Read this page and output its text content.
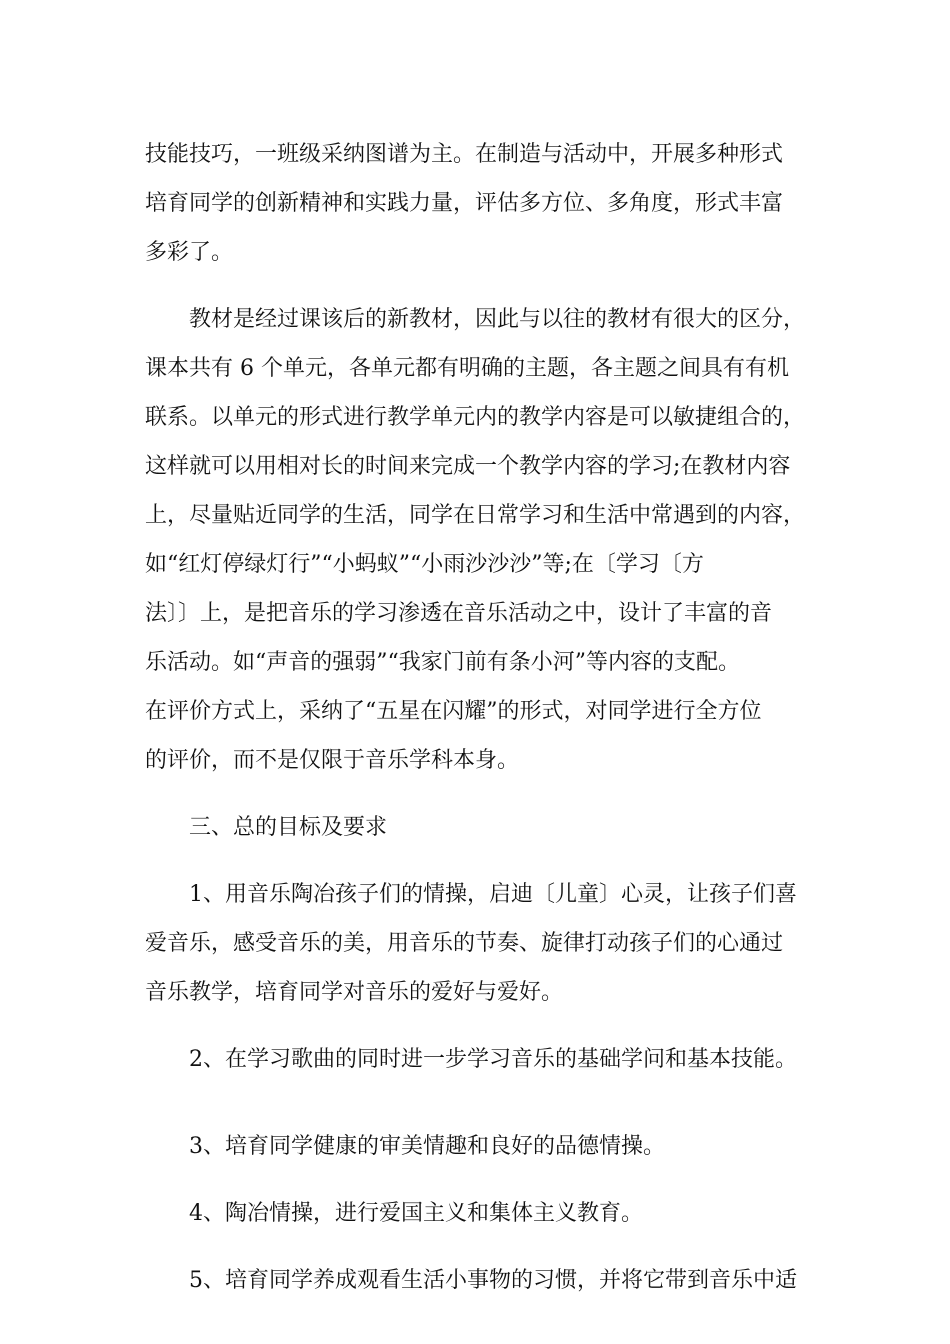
技能技巧，一班级采纳图谱为主。在制造与活动中，开展多种形式
培育同学的创新精神和实践力量，评估多方位、多角度，形式丰富
多彩了。
教材是经过课该后的新教材，因此与以往的教材有很大的区分，
课本共有 6 个单元，各单元都有明确的主题，各主题之间具有有机
联系。以单元的形式进行教学单元内的教学内容是可以敏捷组合的，
这样就可以用相对长的时间来完成一个教学内容的学习;在教材内容
上，尽量贴近同学的生活，同学在日常学习和生活中常遇到的内容，
如“红灯停绿灯行”“小蚂蚁”“小雨沙沙沙”等;在〔学习〔方
法〕〕上，是把音乐的学习渗透在音乐活动之中，设计了丰富的音
乐活动。如“声音的强弱”“我家门前有条小河”等内容的支配。
在评价方式上，采纳了“五星在闪耀”的形式，对同学进行全方位
的评价，而不是仅限于音乐学科本身。
三、总的目标及要求
1、用音乐陶冶孩子们的情操，启迪〔儿童〕心灵，让孩子们喜
爱音乐，感受音乐的美，用音乐的节奏、旋律打动孩子们的心通过
音乐教学，培育同学对音乐的爱好与爱好。
2、在学习歌曲的同时进一步学习音乐的基础学问和基本技能。
3、培育同学健康的审美情趣和良好的品德情操。
4、陶冶情操，进行爱国主义和集体主义教育。
5、培育同学养成观看生活小事物的习惯，并将它带到音乐中适
